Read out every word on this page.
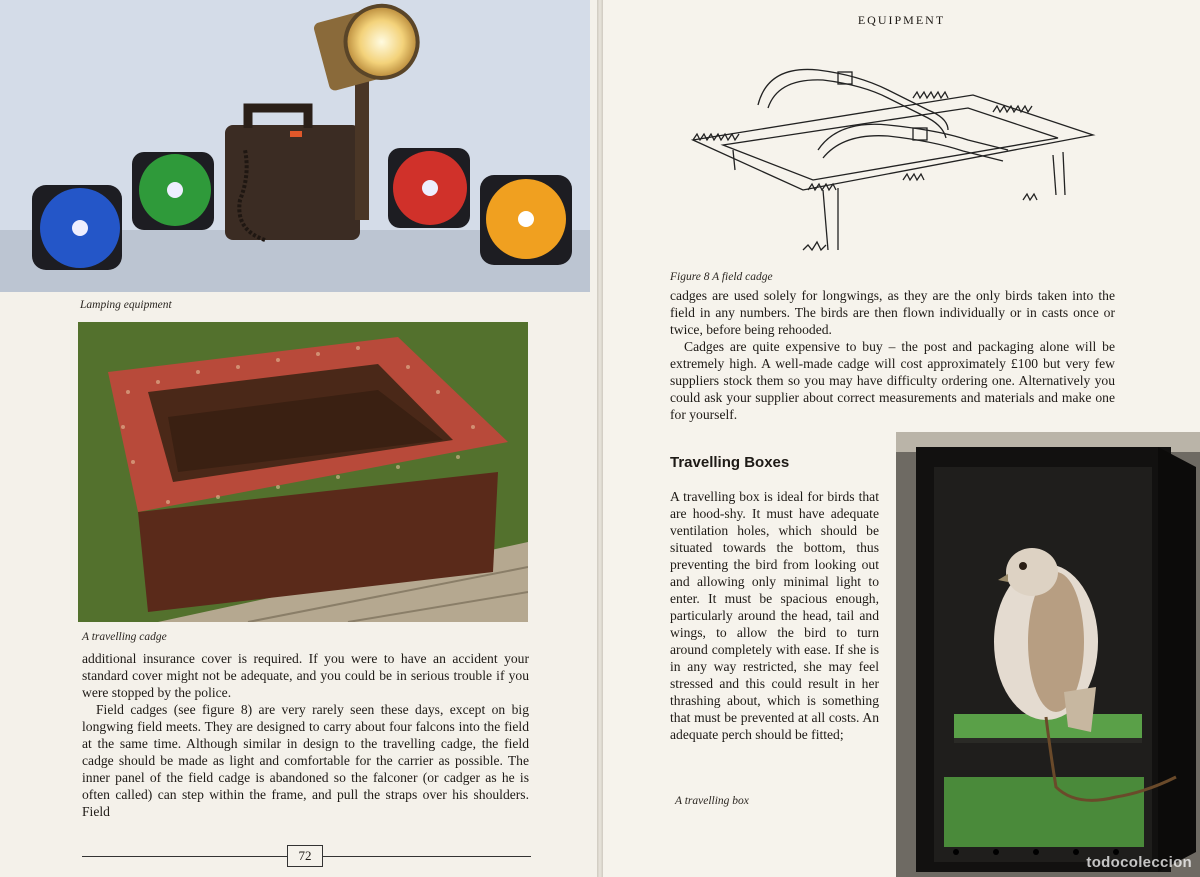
Lamping equipment
A travelling cadge

additional insurance cover is required. If you were to have an accident your standard cover might not be adequate, and you could be in serious trouble if you were stopped by the police.

Field cadges (see figure 8) are very rarely seen these days, except on big longwing field meets. They are designed to carry about four falcons into the field at the same time. Although similar in design to the travelling cadge, the field cadge should be made as light and comfortable for the carrier as possible. The inner panel of the field cadge is abandoned so the falconer (or cadger as he is often called) can step within the frame, and pull the straps over his shoulders. Field

72
EQUIPMENT
Figure 8 A field cadge

cadges are used solely for longwings, as they are the only birds taken into the field in any numbers. The birds are then flown individually or in casts once or twice, before being rehooded.

Cadges are quite expensive to buy – the post and packaging alone will be extremely high. A well-made cadge will cost approximately £100 but very few suppliers stock them so you may have difficulty ordering one. Alternatively you could ask your supplier about correct measurements and materials and make one for yourself.

Travelling Boxes

A travelling box is ideal for birds that are hood-shy. It must have adequate ventilation holes, which should be situated towards the bottom, thus preventing the bird from looking out and allowing only minimal light to enter. It must be spacious enough, particularly around the head, tail and wings, to allow the bird to turn around completely with ease. If she is in any way restricted, she may feel stressed and this could result in her thrashing about, which is something that must be prevented at all costs. An adequate perch should be fitted;

A travelling box
todocoleccion
